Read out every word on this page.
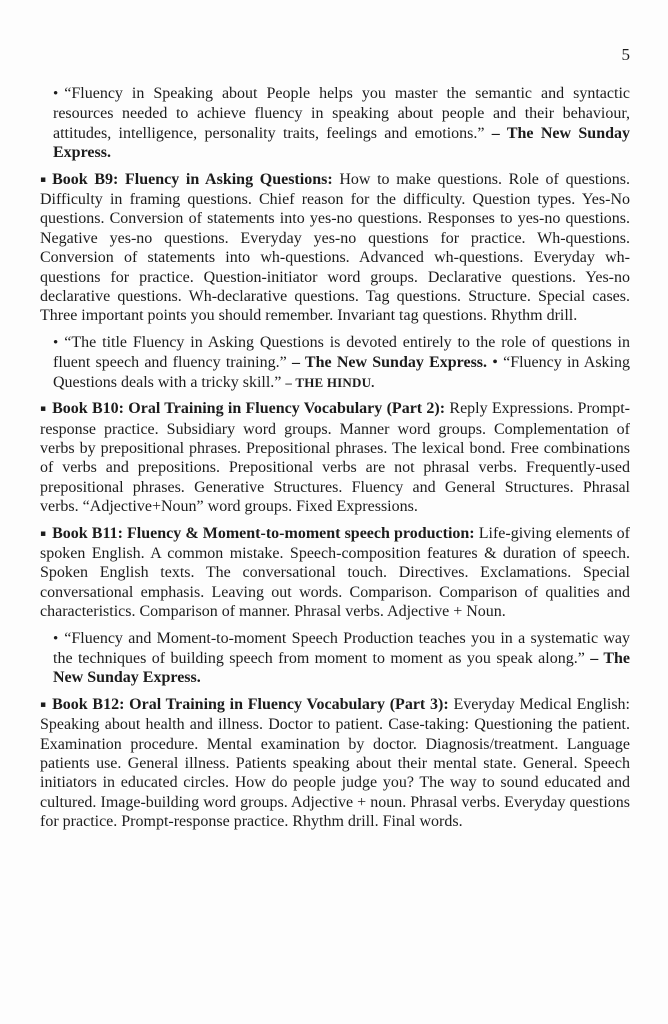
5

• “Fluency in Speaking about People helps you master the semantic and syntactic resources needed to achieve fluency in speaking about people and their behaviour, attitudes, intelligence, personality traits, feelings and emotions.” – The New Sunday Express.

▪ Book B9: Fluency in Asking Questions: How to make questions. Role of questions. Difficulty in framing questions. Chief reason for the difficulty. Question types. Yes-No questions. Conversion of statements into yes-no questions. Responses to yes-no questions. Negative yes-no questions. Everyday yes-no questions for practice. Wh-questions. Conversion of statements into wh-questions. Advanced wh-questions. Everyday wh-questions for practice. Question-initiator word groups. Declarative questions. Yes-no declarative questions. Wh-declarative questions. Tag questions. Structure. Special cases. Three important points you should remember. Invariant tag questions. Rhythm drill.

• “The title Fluency in Asking Questions is devoted entirely to the role of questions in fluent speech and fluency training.” – The New Sunday Express. • “Fluency in Asking Questions deals with a tricky skill.” – THE HINDU.

▪ Book B10: Oral Training in Fluency Vocabulary (Part 2): Reply Expressions. Prompt-response practice. Subsidiary word groups. Manner word groups. Complementation of verbs by prepositional phrases. Prepositional phrases. The lexical bond. Free combinations of verbs and prepositions. Prepositional verbs are not phrasal verbs. Frequently-used prepositional phrases. Generative Structures. Fluency and General Structures. Phrasal verbs. “Adjective+Noun” word groups. Fixed Expressions.

▪ Book B11: Fluency & Moment-to-moment speech production: Life-giving elements of spoken English. A common mistake. Speech-composition features & duration of speech. Spoken English texts. The conversational touch. Directives. Exclamations. Special conversational emphasis. Leaving out words. Comparison. Comparison of qualities and characteristics. Comparison of manner. Phrasal verbs. Adjective + Noun.

• “Fluency and Moment-to-moment Speech Production teaches you in a systematic way the techniques of building speech from moment to moment as you speak along.” – The New Sunday Express.

▪ Book B12: Oral Training in Fluency Vocabulary (Part 3): Everyday Medical English: Speaking about health and illness. Doctor to patient. Case-taking: Questioning the patient. Examination procedure. Mental examination by doctor. Diagnosis/treatment. Language patients use. General illness. Patients speaking about their mental state. General. Speech initiators in educated circles. How do people judge you? The way to sound educated and cultured. Image-building word groups. Adjective + noun. Phrasal verbs. Everyday questions for practice. Prompt-response practice. Rhythm drill. Final words.
